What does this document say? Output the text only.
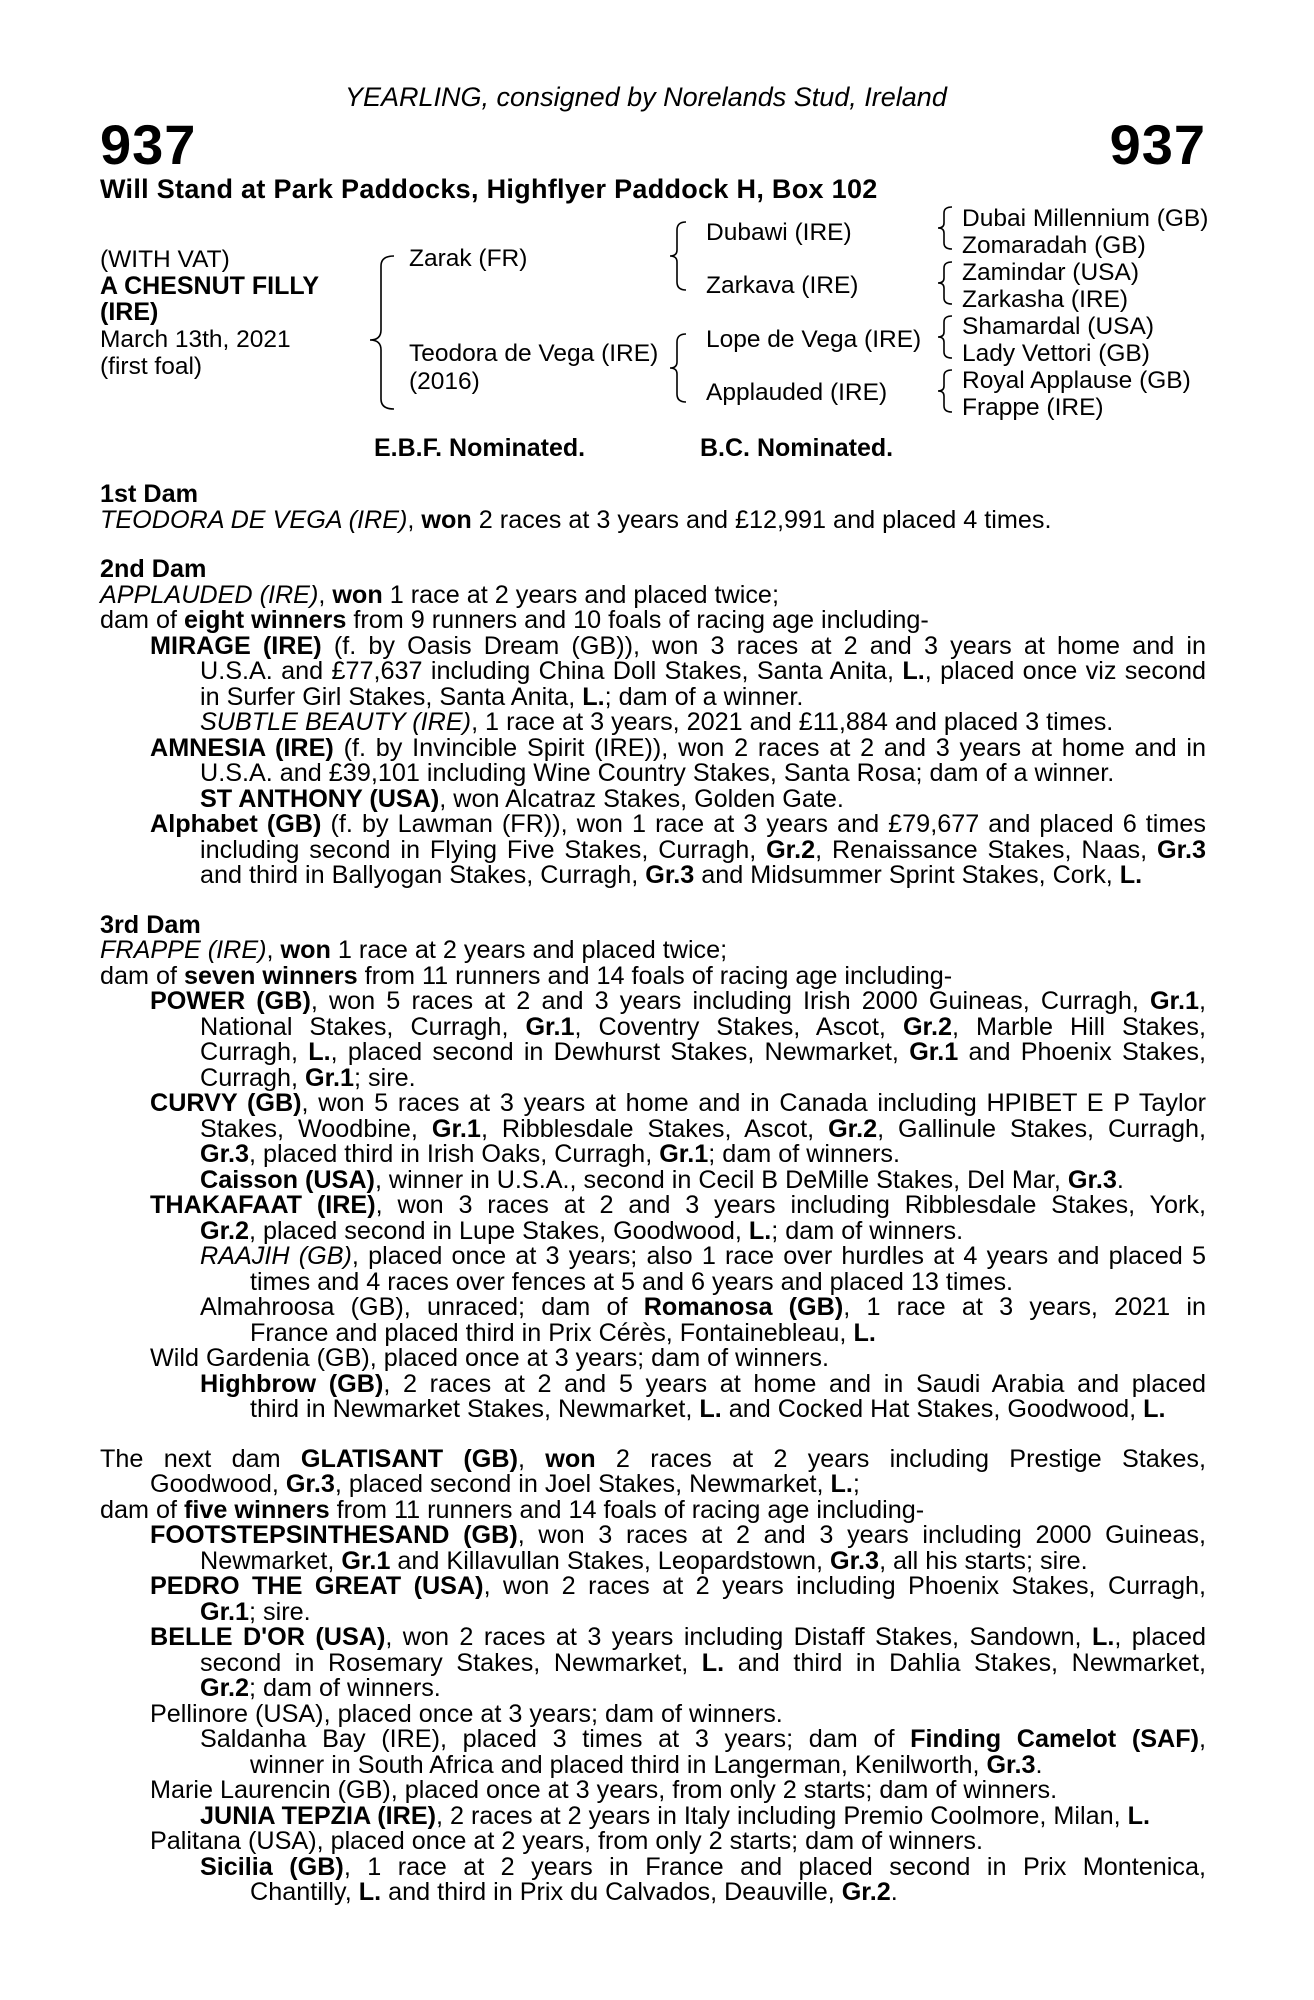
YEARLING, consigned by Norelands Stud, Ireland
937	937
Will Stand at Park Paddocks, Highflyer Paddock H, Box 102
(WITH VAT)
A CHESNUT FILLY
(IRE)
March 13th, 2021
(first foal)
Zarak (FR)
Teodora de Vega (IRE)
(2016)
Dubawi (IRE)
Zarkava (IRE)
Lope de Vega (IRE)
Applauded (IRE)
Dubai Millennium (GB)
Zomaradah (GB)
Zamindar (USA)
Zarkasha (IRE)
Shamardal (USA)
Lady Vettori (GB)
Royal Applause (GB)
Frappe (IRE)
E.B.F. Nominated.	B.C. Nominated.
1st Dam
TEODORA DE VEGA (IRE), won 2 races at 3 years and £12,991 and placed 4 times.
2nd Dam
APPLAUDED (IRE), won 1 race at 2 years and placed twice;
dam of eight winners from 9 runners and 10 foals of racing age including-
MIRAGE (IRE) (f. by Oasis Dream (GB)), won 3 races at 2 and 3 years at home and in
U.S.A. and £77,637 including China Doll Stakes, Santa Anita, L., placed once viz second
in Surfer Girl Stakes, Santa Anita, L.; dam of a winner.
SUBTLE BEAUTY (IRE), 1 race at 3 years, 2021 and £11,884 and placed 3 times.
AMNESIA (IRE) (f. by Invincible Spirit (IRE)), won 2 races at 2 and 3 years at home and in
U.S.A. and £39,101 including Wine Country Stakes, Santa Rosa; dam of a winner.
ST ANTHONY (USA), won Alcatraz Stakes, Golden Gate.
Alphabet (GB) (f. by Lawman (FR)), won 1 race at 3 years and £79,677 and placed 6 times
including second in Flying Five Stakes, Curragh, Gr.2, Renaissance Stakes, Naas, Gr.3
and third in Ballyogan Stakes, Curragh, Gr.3 and Midsummer Sprint Stakes, Cork, L.
3rd Dam
FRAPPE (IRE), won 1 race at 2 years and placed twice;
dam of seven winners from 11 runners and 14 foals of racing age including-
POWER (GB), won 5 races at 2 and 3 years including Irish 2000 Guineas, Curragh, Gr.1,
National Stakes, Curragh, Gr.1, Coventry Stakes, Ascot, Gr.2, Marble Hill Stakes,
Curragh, L., placed second in Dewhurst Stakes, Newmarket, Gr.1 and Phoenix Stakes,
Curragh, Gr.1; sire.
CURVY (GB), won 5 races at 3 years at home and in Canada including HPIBET E P Taylor
Stakes, Woodbine, Gr.1, Ribblesdale Stakes, Ascot, Gr.2, Gallinule Stakes, Curragh,
Gr.3, placed third in Irish Oaks, Curragh, Gr.1; dam of winners.
Caisson (USA), winner in U.S.A., second in Cecil B DeMille Stakes, Del Mar, Gr.3.
THAKAFAAT (IRE), won 3 races at 2 and 3 years including Ribblesdale Stakes, York,
Gr.2, placed second in Lupe Stakes, Goodwood, L.; dam of winners.
RAAJIH (GB), placed once at 3 years; also 1 race over hurdles at 4 years and placed 5
times and 4 races over fences at 5 and 6 years and placed 13 times.
Almahroosa (GB), unraced; dam of Romanosa (GB), 1 race at 3 years, 2021 in
France and placed third in Prix Cérès, Fontainebleau, L.
Wild Gardenia (GB), placed once at 3 years; dam of winners.
Highbrow (GB), 2 races at 2 and 5 years at home and in Saudi Arabia and placed
third in Newmarket Stakes, Newmarket, L. and Cocked Hat Stakes, Goodwood, L.
The next dam GLATISANT (GB), won 2 races at 2 years including Prestige Stakes,
Goodwood, Gr.3, placed second in Joel Stakes, Newmarket, L.;
dam of five winners from 11 runners and 14 foals of racing age including-
FOOTSTEPSINTHESAND (GB), won 3 races at 2 and 3 years including 2000 Guineas,
Newmarket, Gr.1 and Killavullan Stakes, Leopardstown, Gr.3, all his starts; sire.
PEDRO THE GREAT (USA), won 2 races at 2 years including Phoenix Stakes, Curragh,
Gr.1; sire.
BELLE D'OR (USA), won 2 races at 3 years including Distaff Stakes, Sandown, L., placed
second in Rosemary Stakes, Newmarket, L. and third in Dahlia Stakes, Newmarket,
Gr.2; dam of winners.
Pellinore (USA), placed once at 3 years; dam of winners.
Saldanha Bay (IRE), placed 3 times at 3 years; dam of Finding Camelot (SAF),
winner in South Africa and placed third in Langerman, Kenilworth, Gr.3.
Marie Laurencin (GB), placed once at 3 years, from only 2 starts; dam of winners.
JUNIA TEPZIA (IRE), 2 races at 2 years in Italy including Premio Coolmore, Milan, L.
Palitana (USA), placed once at 2 years, from only 2 starts; dam of winners.
Sicilia (GB), 1 race at 2 years in France and placed second in Prix Montenica,
Chantilly, L. and third in Prix du Calvados, Deauville, Gr.2.
